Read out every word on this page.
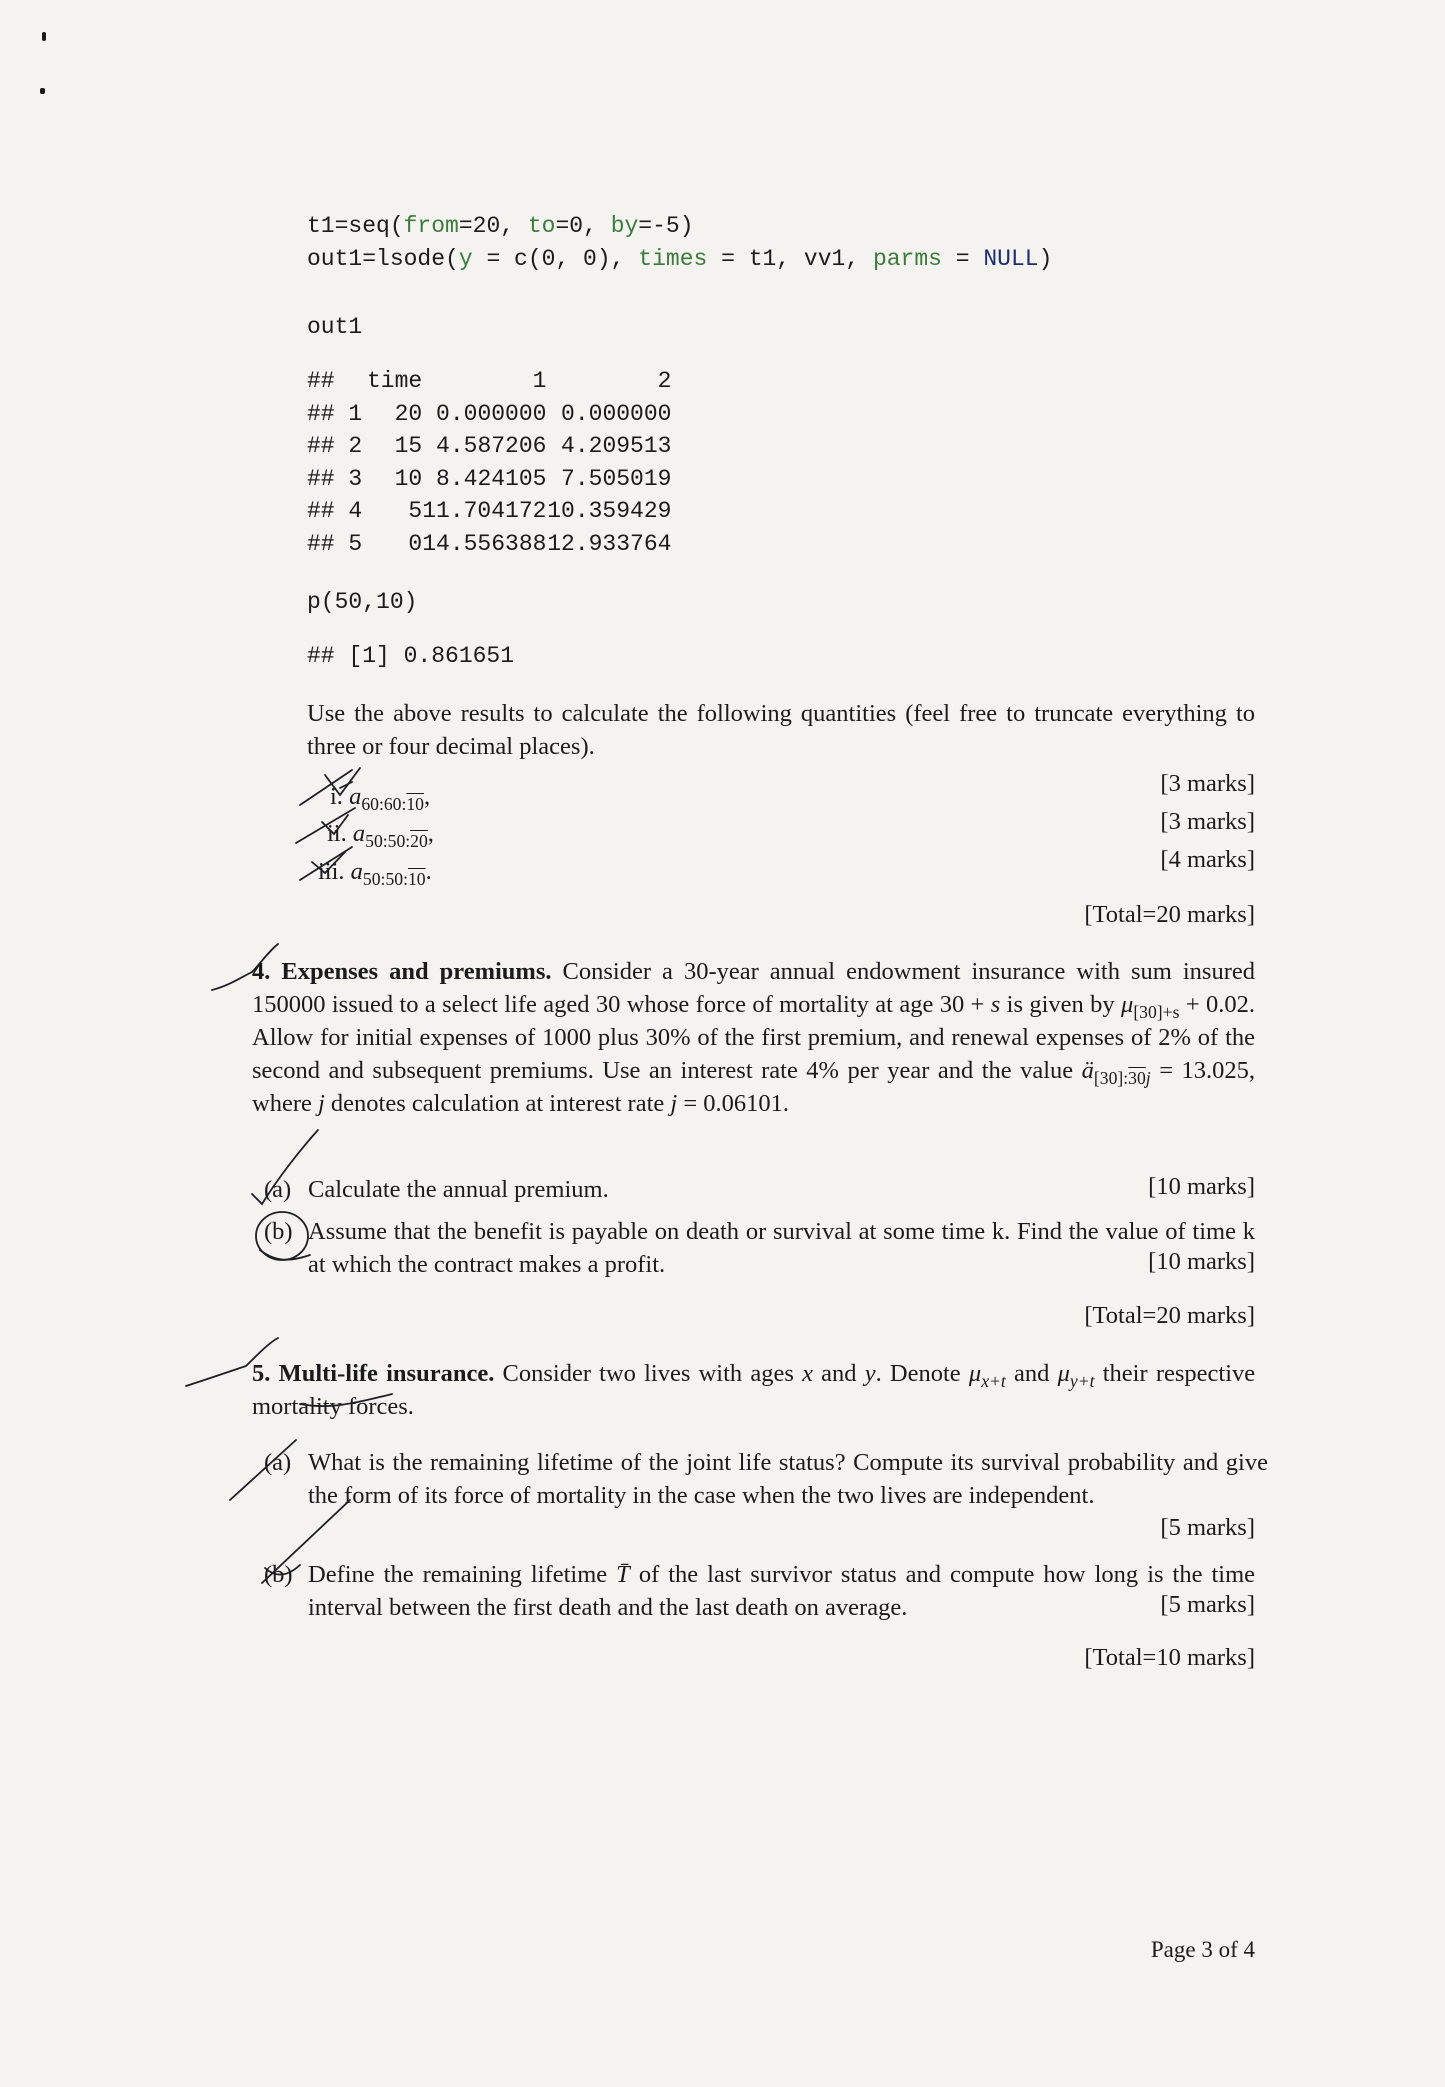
t1=seq(from=20, to=0, by=-5)
out1=lsode(y = c(0, 0), times = t1, vv1, parms = NULL)
out1
##	time	1	2
## 1	20	0.000000	0.000000
## 2	15	4.587206	4.209513
## 3	10	8.424105	7.505019
## 4	5	11.704172	10.359429
## 5	0	14.556388	12.933764
p(50,10)
## [1] 0.861651
Use the above results to calculate the following quantities (feel free to truncate everything to three or four decimal places).
i. $a_{60:60:10}$,	[3 marks]
ii. $a_{50:50:20}$,	[3 marks]
iii. $a_{50:50:10}$.	[4 marks]
[Total=20 marks]
4. Expenses and premiums. Consider a 30-year annual endowment insurance with sum insured 150000 issued to a select life aged 30 whose force of mortality at age 30 + s is given by $\mu_{[30]+s} + 0.02$. Allow for initial expenses of 1000 plus 30% of the first premium, and renewal expenses of 2% of the second and subsequent premiums. Use an interest rate 4% per year and the value $ä_{[30]:30j} = 13.025$, where j denotes calculation at interest rate j = 0.06101.
(a) Calculate the annual premium.	[10 marks]
(b) Assume that the benefit is payable on death or survival at some time k. Find the value of time k at which the contract makes a profit.	[10 marks]
[Total=20 marks]
5. Multi-life insurance. Consider two lives with ages x and y. Denote $\mu_{x+t}$ and $\mu_{y+t}$ their respective mortality forces.
(a) What is the remaining lifetime of the joint life status? Compute its survival probability and give the form of its force of mortality in the case when the two lives are independent.
[5 marks]
(b) Define the remaining lifetime T̄ of the last survivor status and compute how long is the time interval between the first death and the last death on average.	[5 marks]
[Total=10 marks]
Page 3 of 4
